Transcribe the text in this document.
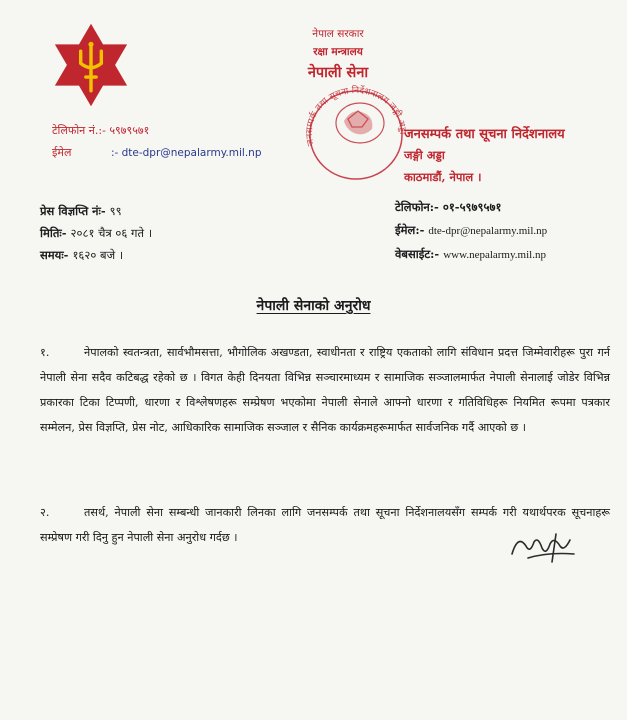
टेलिफोन नं.:- ५९७९५७१
ईमेल	:- dte-dpr@nepalarmy.mil.np
नेपाल सरकार
रक्षा मन्त्रालय
नेपाली सेना
जनसम्पर्क तथा सूचना निर्देशनालय जङ्गी अड्डा
जनसम्पर्क तथा सूचना निर्देशनालय
जङ्गी अड्डा
काठमाडौं, नेपाल ।
प्रेस विज्ञप्ति नंः- ९९
मितिः- २०८१ चैत्र ०६ गते ।
समयः- १६२० बजे ।
टेलिफोन:- ०१-५९७९५७१
ईमेल:- dte-dpr@nepalarmy.mil.np
वेबसाईट:- www.nepalarmy.mil.np
नेपाली सेनाको अनुरोध
१.	नेपालको स्वतन्त्रता, सार्वभौमसत्ता, भौगोलिक अखण्डता, स्वाधीनता र राष्ट्रिय एकताको लागि संविधान प्रदत्त जिम्मेवारीहरू पुरा गर्न नेपाली सेना सदैव कटिबद्ध रहेको छ । विगत केही दिनयता विभिन्न सञ्चारमाध्यम र सामाजिक सञ्जालमार्फत नेपाली सेनालाई जोडेर विभिन्न प्रकारका टिका टिप्पणी, धारणा र विश्लेषणहरू सम्प्रेषण भएकोमा नेपाली सेनाले आफ्नो धारणा र गतिविधिहरू नियमित रूपमा पत्रकार सम्मेलन, प्रेस विज्ञप्ति, प्रेस नोट, आधिकारिक सामाजिक सञ्जाल र सैनिक कार्यक्रमहरूमार्फत सार्वजनिक गर्दै आएको छ ।
२.	तसर्थ, नेपाली सेना सम्बन्धी जानकारी लिनका लागि जनसम्पर्क तथा सूचना निर्देशनालयसँग सम्पर्क गरी यथार्थपरक सूचनाहरू सम्प्रेषण गरी दिनु हुन नेपाली सेना अनुरोध गर्दछ ।
